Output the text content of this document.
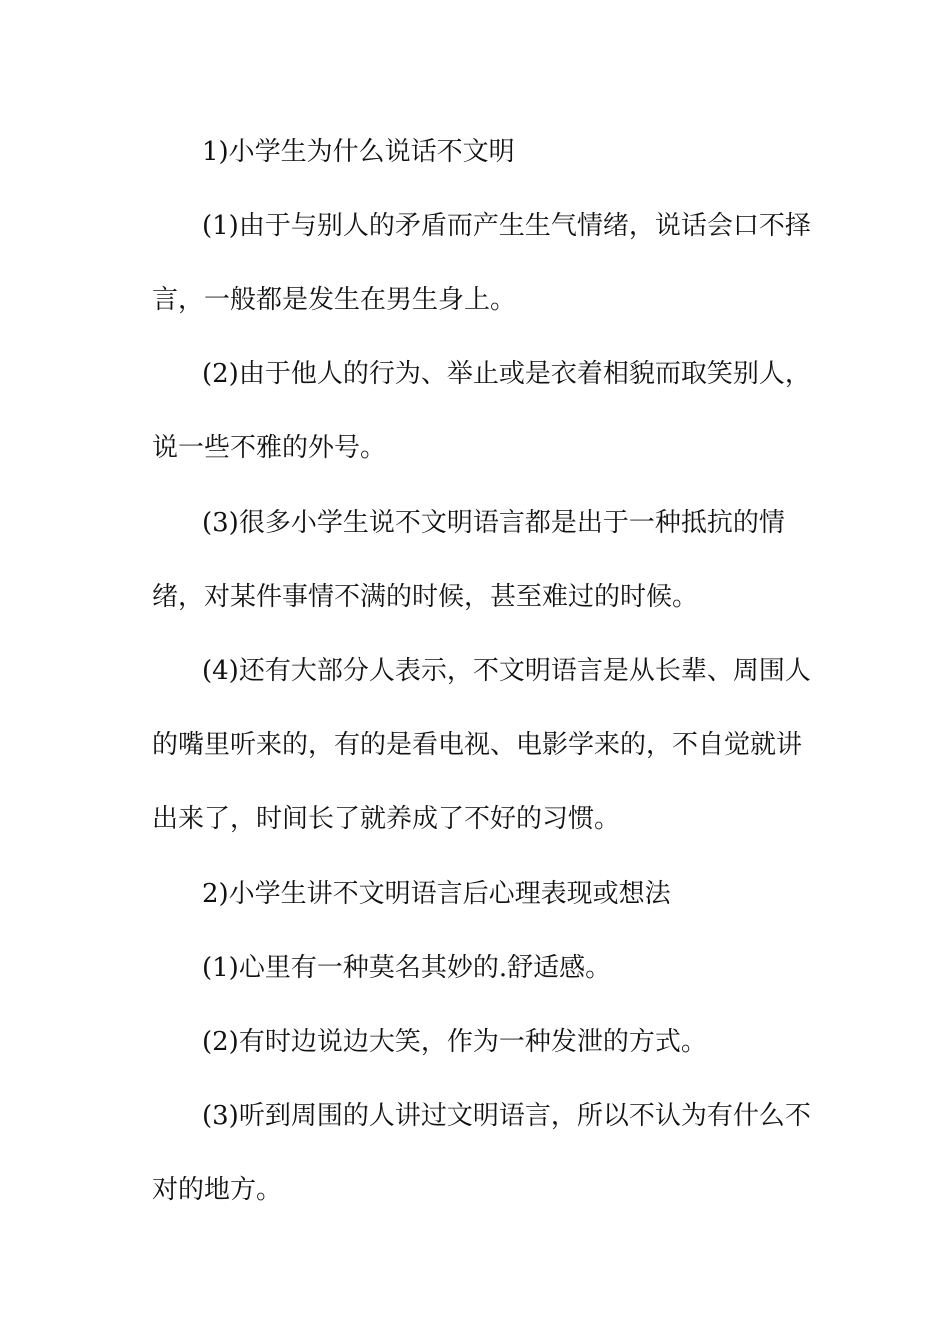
1)小学生为什么说话不文明
(1)由于与别人的矛盾而产生生气情绪，说话会口不择
言，一般都是发生在男生身上。
(2)由于他人的行为、举止或是衣着相貌而取笑别人，
说一些不雅的外号。
(3)很多小学生说不文明语言都是出于一种抵抗的情
绪，对某件事情不满的时候，甚至难过的时候。
(4)还有大部分人表示，不文明语言是从长辈、周围人
的嘴里听来的，有的是看电视、电影学来的，不自觉就讲
出来了，时间长了就养成了不好的习惯。
2)小学生讲不文明语言后心理表现或想法
(1)心里有一种莫名其妙的.舒适感。
(2)有时边说边大笑，作为一种发泄的方式。
(3)听到周围的人讲过文明语言，所以不认为有什么不
对的地方。
